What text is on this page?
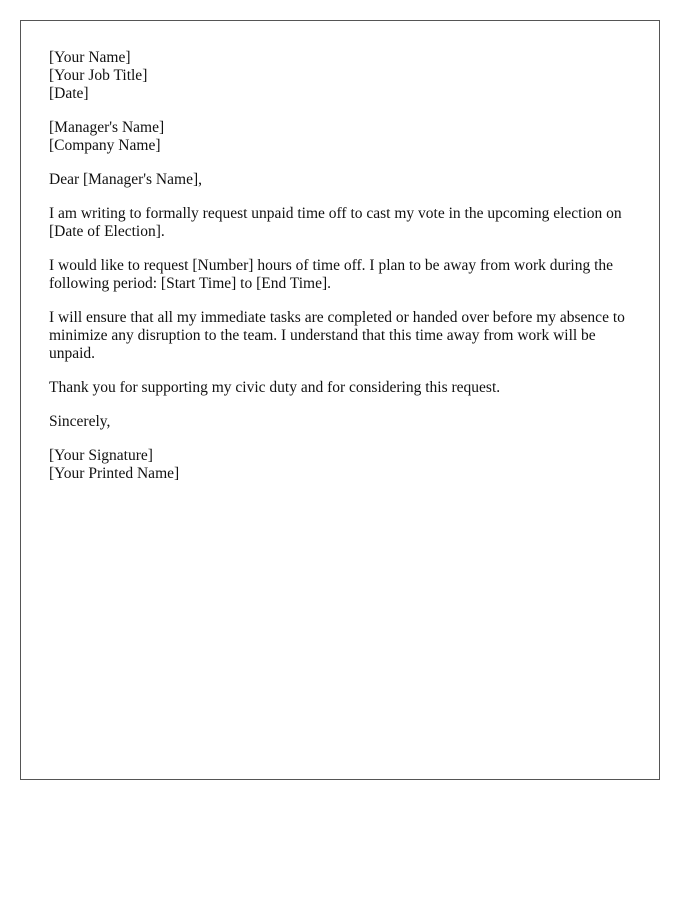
[Your Name]
[Your Job Title]
[Date]
[Manager's Name]
[Company Name]

Dear [Manager's Name],

I am writing to formally request unpaid time off to cast my vote in the upcoming election on [Date of Election].

I would like to request [Number] hours of time off. I plan to be away from work during the following period: [Start Time] to [End Time].

I will ensure that all my immediate tasks are completed or handed over before my absence to minimize any disruption to the team. I understand that this time away from work will be unpaid.

Thank you for supporting my civic duty and for considering this request.

Sincerely,

[Your Signature]
[Your Printed Name]
